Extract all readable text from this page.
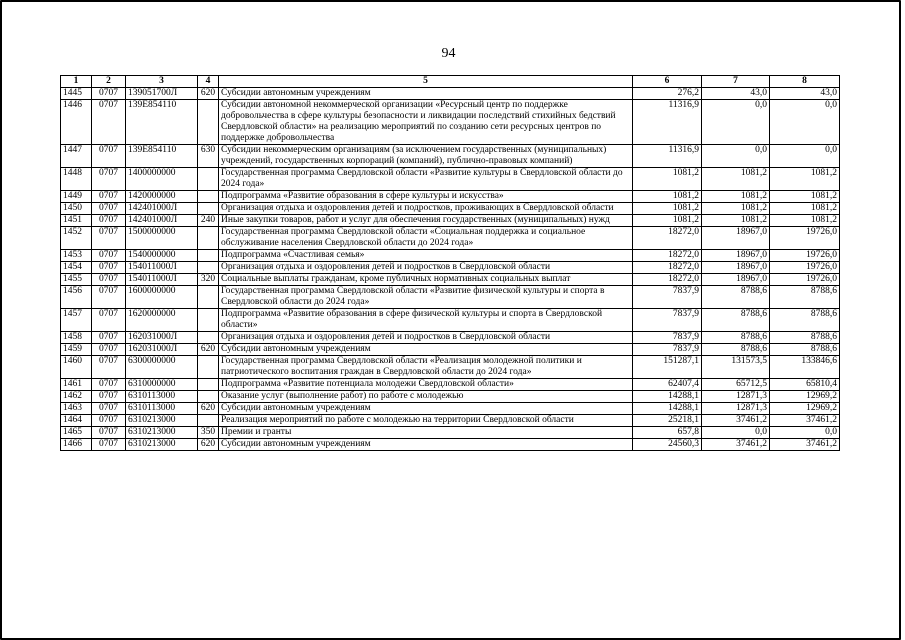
94
1	2	3	4	5	6	7	8
1445	0707	139051700Л	620	Субсидии автономным учреждениям	276,2	43,0	43,0
1446	0707	139E854110		Субсидии автономной некоммерческой организации «Ресурсный центр по поддержке добровольчества в сфере культуры безопасности и ликвидации последствий стихийных бедствий Свердловской области» на реализацию мероприятий по созданию сети ресурсных центров по поддержке добровольчества	11316,9	0,0	0,0
1447	0707	139E854110	630	Субсидии некоммерческим организациям (за исключением государственных (муниципальных) учреждений, государственных корпораций (компаний), публично-правовых компаний)	11316,9	0,0	0,0
1448	0707	1400000000		Государственная программа Свердловской области «Развитие культуры в Свердловской области до 2024 года»	1081,2	1081,2	1081,2
1449	0707	1420000000		Подпрограмма «Развитие образования в сфере культуры и искусства»	1081,2	1081,2	1081,2
1450	0707	142401000Л		Организация отдыха и оздоровления детей и подростков, проживающих в Свердловской области	1081,2	1081,2	1081,2
1451	0707	142401000Л	240	Иные закупки товаров, работ и услуг для обеспечения государственных (муниципальных) нужд	1081,2	1081,2	1081,2
1452	0707	1500000000		Государственная программа Свердловской области «Социальная поддержка и социальное обслуживание населения Свердловской области до 2024 года»	18272,0	18967,0	19726,0
1453	0707	1540000000		Подпрограмма «Счастливая семья»	18272,0	18967,0	19726,0
1454	0707	154011000Л		Организация отдыха и оздоровления детей и подростков в Свердловской области	18272,0	18967,0	19726,0
1455	0707	154011000Л	320	Социальные выплаты гражданам, кроме публичных нормативных социальных выплат	18272,0	18967,0	19726,0
1456	0707	1600000000		Государственная программа Свердловской области «Развитие физической культуры и спорта в Свердловской области до 2024 года»	7837,9	8788,6	8788,6
1457	0707	1620000000		Подпрограмма «Развитие образования в сфере физической культуры и спорта в Свердловской области»	7837,9	8788,6	8788,6
1458	0707	162031000Л		Организация отдыха и оздоровления детей и подростков в Свердловской области	7837,9	8788,6	8788,6
1459	0707	162031000Л	620	Субсидии автономным учреждениям	7837,9	8788,6	8788,6
1460	0707	6300000000		Государственная программа Свердловской области «Реализация молодежной политики и патриотического воспитания граждан в Свердловской области до 2024 года»	151287,1	131573,5	133846,6
1461	0707	6310000000		Подпрограмма «Развитие потенциала молодежи Свердловской области»	62407,4	65712,5	65810,4
1462	0707	6310113000		Оказание услуг (выполнение работ) по работе с молодежью	14288,1	12871,3	12969,2
1463	0707	6310113000	620	Субсидии автономным учреждениям	14288,1	12871,3	12969,2
1464	0707	6310213000		Реализация мероприятий по работе с молодежью на территории Свердловской области	25218,1	37461,2	37461,2
1465	0707	6310213000	350	Премии и гранты	657,8	0,0	0,0
1466	0707	6310213000	620	Субсидии автономным учреждениям	24560,3	37461,2	37461,2
